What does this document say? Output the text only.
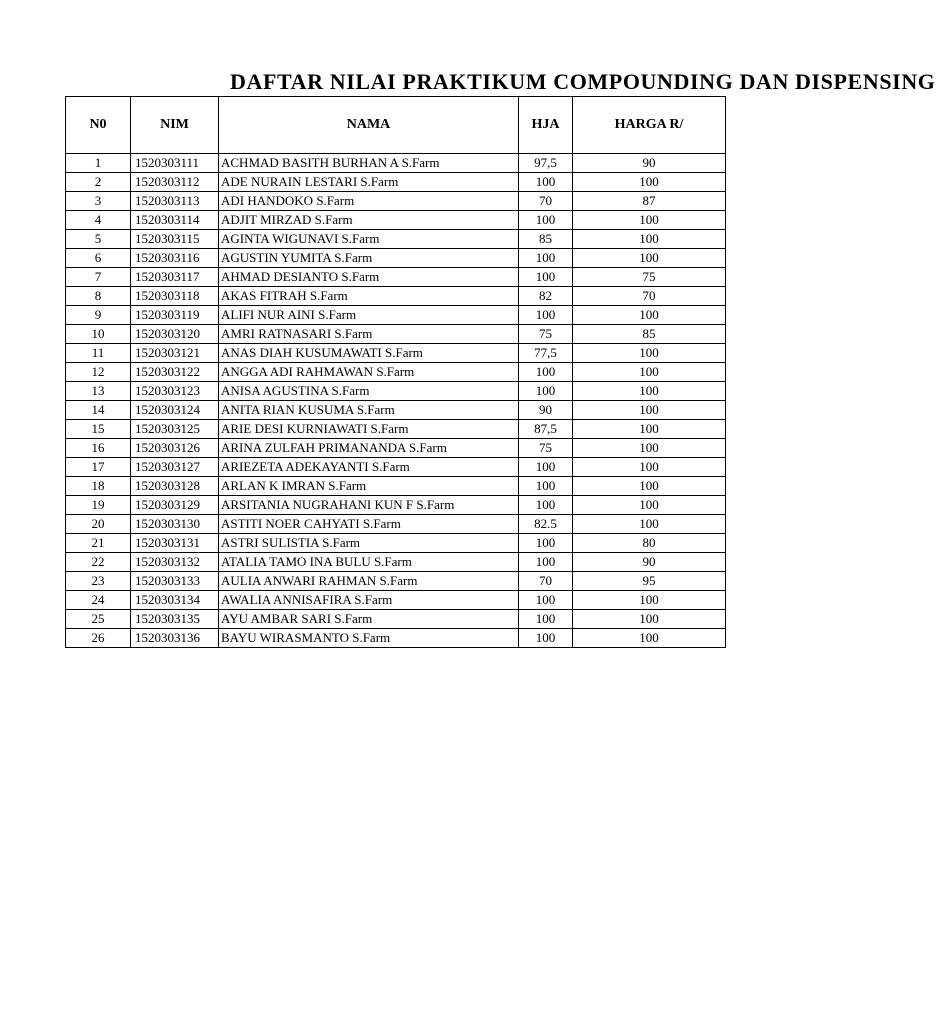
DAFTAR NILAI PRAKTIKUM COMPOUNDING DAN DISPENSING
N0	NIM	NAMA	HJA	HARGA R/
1	1520303111	ACHMAD BASITH BURHAN A S.Farm	97,5	90
2	1520303112	ADE NURAIN LESTARI S.Farm	100	100
3	1520303113	ADI HANDOKO S.Farm	70	87
4	1520303114	ADJIT MIRZAD S.Farm	100	100
5	1520303115	AGINTA WIGUNAVI S.Farm	85	100
6	1520303116	AGUSTIN YUMITA S.Farm	100	100
7	1520303117	AHMAD DESIANTO S.Farm	100	75
8	1520303118	AKAS FITRAH S.Farm	82	70
9	1520303119	ALIFI NUR AINI S.Farm	100	100
10	1520303120	AMRI RATNASARI S.Farm	75	85
11	1520303121	ANAS DIAH KUSUMAWATI S.Farm	77,5	100
12	1520303122	ANGGA ADI RAHMAWAN S.Farm	100	100
13	1520303123	ANISA AGUSTINA S.Farm	100	100
14	1520303124	ANITA RIAN KUSUMA S.Farm	90	100
15	1520303125	ARIE DESI KURNIAWATI S.Farm	87,5	100
16	1520303126	ARINA ZULFAH PRIMANANDA S.Farm	75	100
17	1520303127	ARIEZETA ADEKAYANTI S.Farm	100	100
18	1520303128	ARLAN K IMRAN S.Farm	100	100
19	1520303129	ARSITANIA NUGRAHANI KUN F S.Farm	100	100
20	1520303130	ASTITI NOER CAHYATI S.Farm	82.5	100
21	1520303131	ASTRI SULISTIA S.Farm	100	80
22	1520303132	ATALIA TAMO INA BULU S.Farm	100	90
23	1520303133	AULIA ANWARI RAHMAN S.Farm	70	95
24	1520303134	AWALIA ANNISAFIRA S.Farm	100	100
25	1520303135	AYU AMBAR SARI S.Farm	100	100
26	1520303136	BAYU WIRASMANTO S.Farm	100	100
